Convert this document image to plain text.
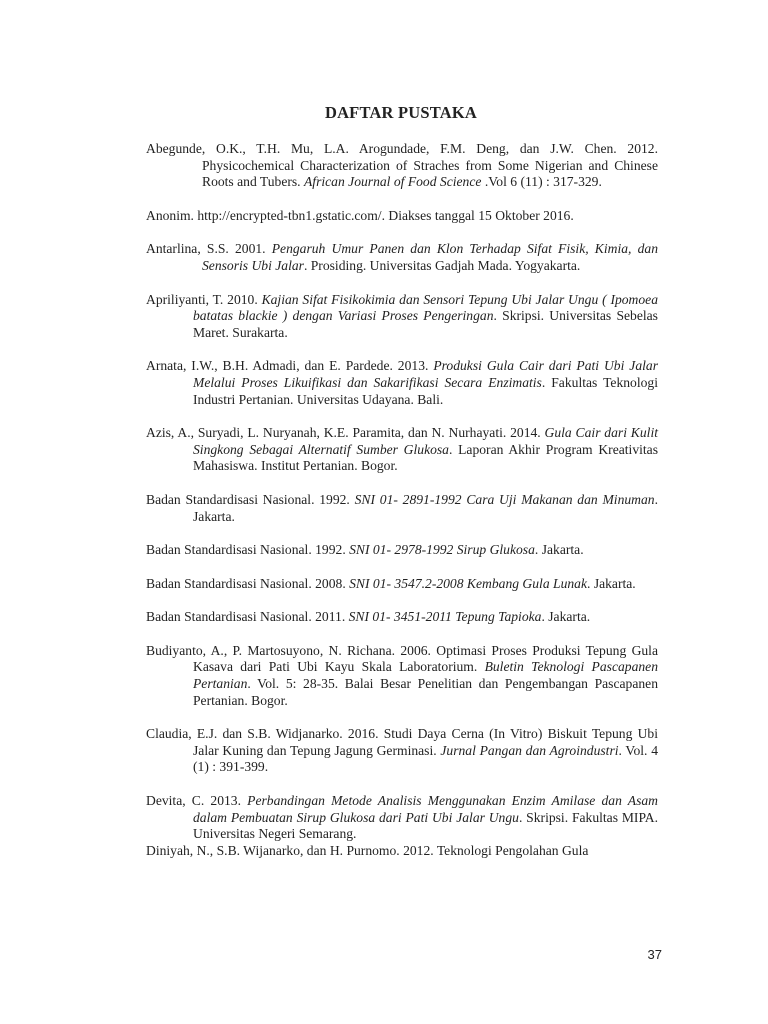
DAFTAR PUSTAKA
Abegunde, O.K., T.H. Mu, L.A. Arogundade, F.M. Deng, dan J.W. Chen. 2012. Physicochemical Characterization of Straches from Some Nigerian and Chinese Roots and Tubers. African Journal of Food Science .Vol 6 (11) : 317-329.
Anonim. http://encrypted-tbn1.gstatic.com/. Diakses tanggal 15 Oktober 2016.
Antarlina, S.S. 2001. Pengaruh Umur Panen dan Klon Terhadap Sifat Fisik, Kimia, dan Sensoris Ubi Jalar. Prosiding. Universitas Gadjah Mada. Yogyakarta.
Apriliyanti, T. 2010. Kajian Sifat Fisikokimia dan Sensori Tepung Ubi Jalar Ungu ( Ipomoea batatas blackie ) dengan Variasi Proses Pengeringan. Skripsi. Universitas Sebelas Maret. Surakarta.
Arnata, I.W., B.H. Admadi, dan E. Pardede. 2013. Produksi Gula Cair dari Pati Ubi Jalar Melalui Proses Likuifikasi dan Sakarifikasi Secara Enzimatis. Fakultas Teknologi Industri Pertanian. Universitas Udayana. Bali.
Azis, A., Suryadi, L. Nuryanah, K.E. Paramita, dan N. Nurhayati. 2014. Gula Cair dari Kulit Singkong Sebagai Alternatif Sumber Glukosa. Laporan Akhir Program Kreativitas Mahasiswa. Institut Pertanian. Bogor.
Badan Standardisasi Nasional. 1992. SNI 01- 2891-1992 Cara Uji Makanan dan Minuman. Jakarta.
Badan Standardisasi Nasional. 1992. SNI 01- 2978-1992 Sirup Glukosa. Jakarta.
Badan Standardisasi Nasional. 2008. SNI 01- 3547.2-2008 Kembang Gula Lunak. Jakarta.
Badan Standardisasi Nasional. 2011. SNI 01- 3451-2011 Tepung Tapioka. Jakarta.
Budiyanto, A., P. Martosuyono, N. Richana. 2006. Optimasi Proses Produksi Tepung Gula Kasava dari Pati Ubi Kayu Skala Laboratorium. Buletin Teknologi Pascapanen Pertanian. Vol. 5: 28-35. Balai Besar Penelitian dan Pengembangan Pascapanen Pertanian. Bogor.
Claudia, E.J. dan S.B. Widjanarko. 2016. Studi Daya Cerna (In Vitro) Biskuit Tepung Ubi Jalar Kuning dan Tepung Jagung Germinasi. Jurnal Pangan dan Agroindustri. Vol. 4 (1) : 391-399.
Devita, C. 2013. Perbandingan Metode Analisis Menggunakan Enzim Amilase dan Asam dalam Pembuatan Sirup Glukosa dari Pati Ubi Jalar Ungu. Skripsi. Fakultas MIPA. Universitas Negeri Semarang.
Diniyah, N., S.B. Wijanarko, dan H. Purnomo. 2012. Teknologi Pengolahan Gula
37
